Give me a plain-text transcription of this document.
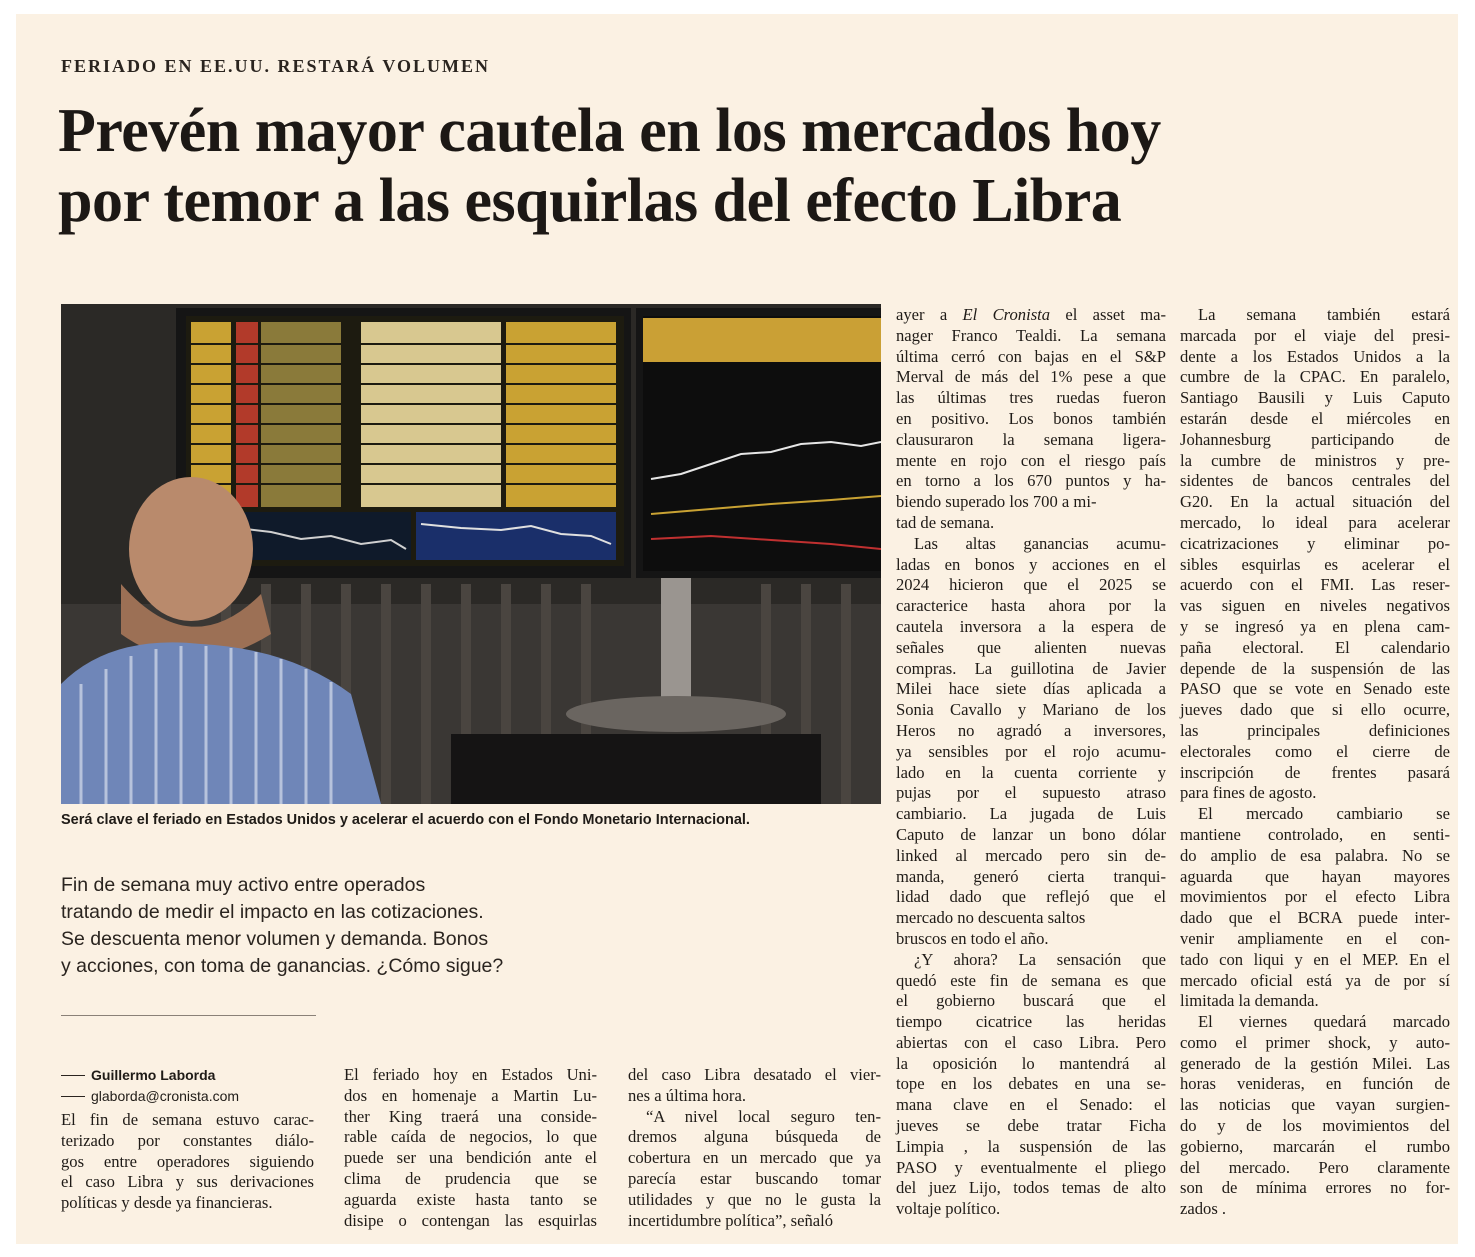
FERIADO EN EE.UU. RESTARÁ VOLUMEN
Prevén mayor cautela en los mercados hoy
por temor a las esquirlas del efecto Libra
Será clave el feriado en Estados Unidos y acelerar el acuerdo con el Fondo Monetario Internacional.
Fin de semana muy activo entre operados
tratando de medir el impacto en las cotizaciones.
Se descuenta menor volumen y demanda. Bonos
y acciones, con toma de ganancias. ¿Cómo sigue?
Guillermo Laborda
glaborda@cronista.com
El fin de semana estuvo carac-
terizado por constantes diálo-
gos entre operadores siguiendo
el caso Libra y sus derivaciones
políticas y desde ya financieras.
El feriado hoy en Estados Uni-
dos en homenaje a Martin Lu-
ther King traerá una conside-
rable caída de negocios, lo que
puede ser una bendición ante el
clima de prudencia que se
aguarda existe hasta tanto se
disipe o contengan las esquirlas
del caso Libra desatado el vier-
nes a última hora.
“A nivel local seguro ten-
dremos alguna búsqueda de
cobertura en un mercado que ya
parecía estar buscando tomar
utilidades y que no le gusta la
incertidumbre política”, señaló
ayer a El Cronista el asset ma-
nager Franco Tealdi. La semana
última cerró con bajas en el S&P
Merval de más del 1% pese a que
las últimas tres ruedas fueron
en positivo. Los bonos también
clausuraron la semana ligera-
mente en rojo con el riesgo país
en torno a los 670 puntos y ha-
biendo superado los 700 a mi-
tad de semana.
Las altas ganancias acumu-
ladas en bonos y acciones en el
2024 hicieron que el 2025 se
caracterice hasta ahora por la
cautela inversora a la espera de
señales que alienten nuevas
compras. La guillotina de Javier
Milei hace siete días aplicada a
Sonia Cavallo y Mariano de los
Heros no agradó a inversores,
ya sensibles por el rojo acumu-
lado en la cuenta corriente y
pujas por el supuesto atraso
cambiario. La jugada de Luis
Caputo de lanzar un bono dólar
linked al mercado pero sin de-
manda, generó cierta tranqui-
lidad dado que reflejó que el
mercado no descuenta saltos
bruscos en todo el año.
¿Y ahora? La sensación que
quedó este fin de semana es que
el gobierno buscará que el
tiempo cicatrice las heridas
abiertas con el caso Libra. Pero
la oposición lo mantendrá al
tope en los debates en una se-
mana clave en el Senado: el
jueves se debe tratar Ficha
Limpia , la suspensión de las
PASO y eventualmente el pliego
del juez Lijo, todos temas de alto
voltaje político.
La semana también estará
marcada por el viaje del presi-
dente a los Estados Unidos a la
cumbre de la CPAC. En paralelo,
Santiago Bausili y Luis Caputo
estarán desde el miércoles en
Johannesburg participando de
la cumbre de ministros y pre-
sidentes de bancos centrales del
G20. En la actual situación del
mercado, lo ideal para acelerar
cicatrizaciones y eliminar po-
sibles esquirlas es acelerar el
acuerdo con el FMI. Las reser-
vas siguen en niveles negativos
y se ingresó ya en plena cam-
paña electoral. El calendario
depende de la suspensión de las
PASO que se vote en Senado este
jueves dado que si ello ocurre,
las principales definiciones
electorales como el cierre de
inscripción de frentes pasará
para fines de agosto.
El mercado cambiario se
mantiene controlado, en senti-
do amplio de esa palabra. No se
aguarda que hayan mayores
movimientos por el efecto Libra
dado que el BCRA puede inter-
venir ampliamente en el con-
tado con liqui y en el MEP. En el
mercado oficial está ya de por sí
limitada la demanda.
El viernes quedará marcado
como el primer shock, y auto-
generado de la gestión Milei. Las
horas venideras, en función de
las noticias que vayan surgien-
do y de los movimientos del
gobierno, marcarán el rumbo
del mercado. Pero claramente
son de mínima errores no for-
zados .
